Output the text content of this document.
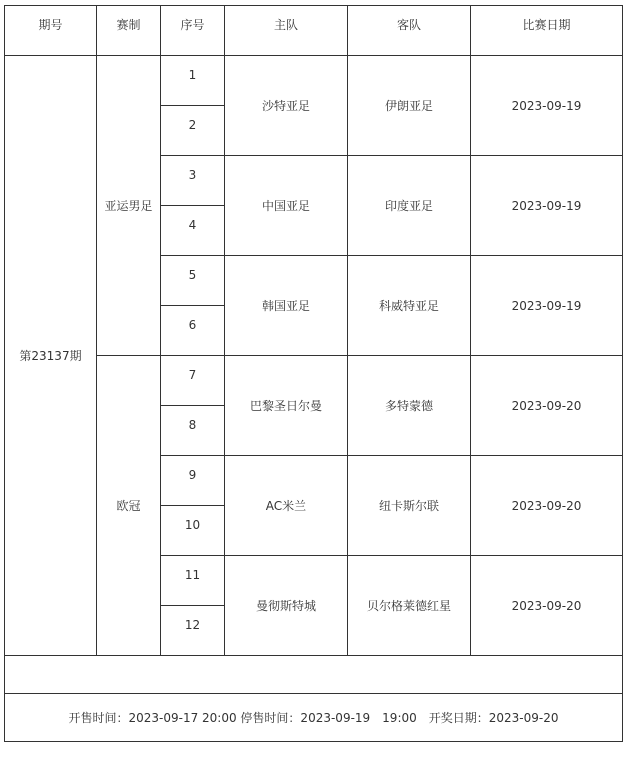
期号	赛制	序号	主队	客队	比赛日期
第23137期	亚运男足	1	沙特亚足	伊朗亚足	2023-09-19
		2			
		3	中国亚足	印度亚足	2023-09-19
		4			
		5	韩国亚足	科威特亚足	2023-09-19
		6			
	欧冠	7	巴黎圣日尔曼	多特蒙德	2023-09-20
		8			
		9	AC米兰	纽卡斯尔联	2023-09-20
		10			
		11	曼彻斯特城	贝尔格莱德红星	2023-09-20
		12			

开售时间：2023-09-17 20:00 停售时间：2023-09-19　19:00　开奖日期：2023-09-20					
